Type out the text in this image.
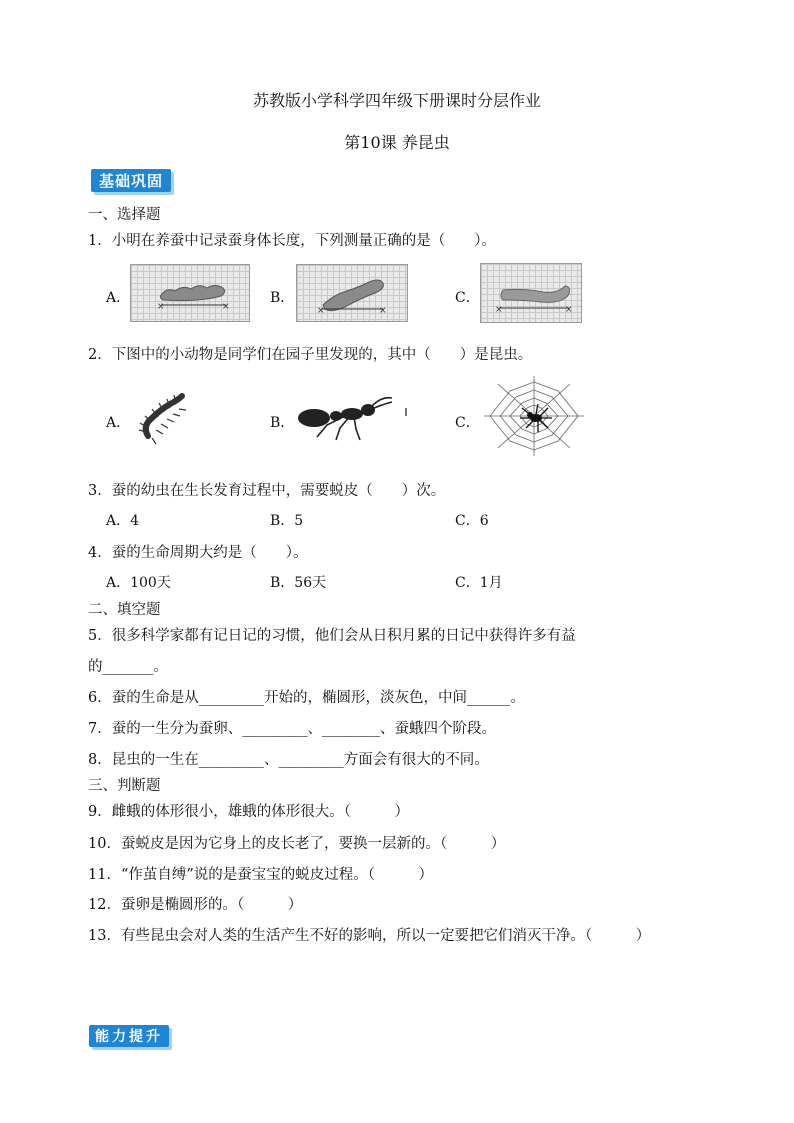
苏教版小学科学四年级下册课时分层作业
第10课 养昆虫
基础巩固
一、选择题
1．小明在养蚕中记录蚕身体长度，下列测量正确的是（　　）。
A．
×	×
B．
×	×
C．
×	×
2．下图中的小动物是同学们在园子里发现的，其中（　　）是昆虫。
A．	B．	C．
3．蚕的幼虫在生长发育过程中，需要蜕皮（　　）次。
A．4	B．5	C．6
4．蚕的生命周期大约是（　　）。
A．100天	B．56天	C．1月
二、填空题
5．很多科学家都有记日记的习惯，他们会从日积月累的日记中获得许多有益
的_______。
6．蚕的生命是从_________开始的，椭圆形，淡灰色，中间______。
7．蚕的一生分为蚕卵、_________、________、蚕蛾四个阶段。
8．昆虫的一生在_________、_________方面会有很大的不同。
三、判断题
9．雌蛾的体形很小，雄蛾的体形很大。（　　　）
10．蚕蜕皮是因为它身上的皮长老了，要换一层新的。（　　　）
11．“作茧自缚”说的是蚕宝宝的蜕皮过程。（　　　）
12．蚕卵是椭圆形的。（　　　）
13．有些昆虫会对人类的生活产生不好的影响，所以一定要把它们消灭干净。（　　　）
能力提升
